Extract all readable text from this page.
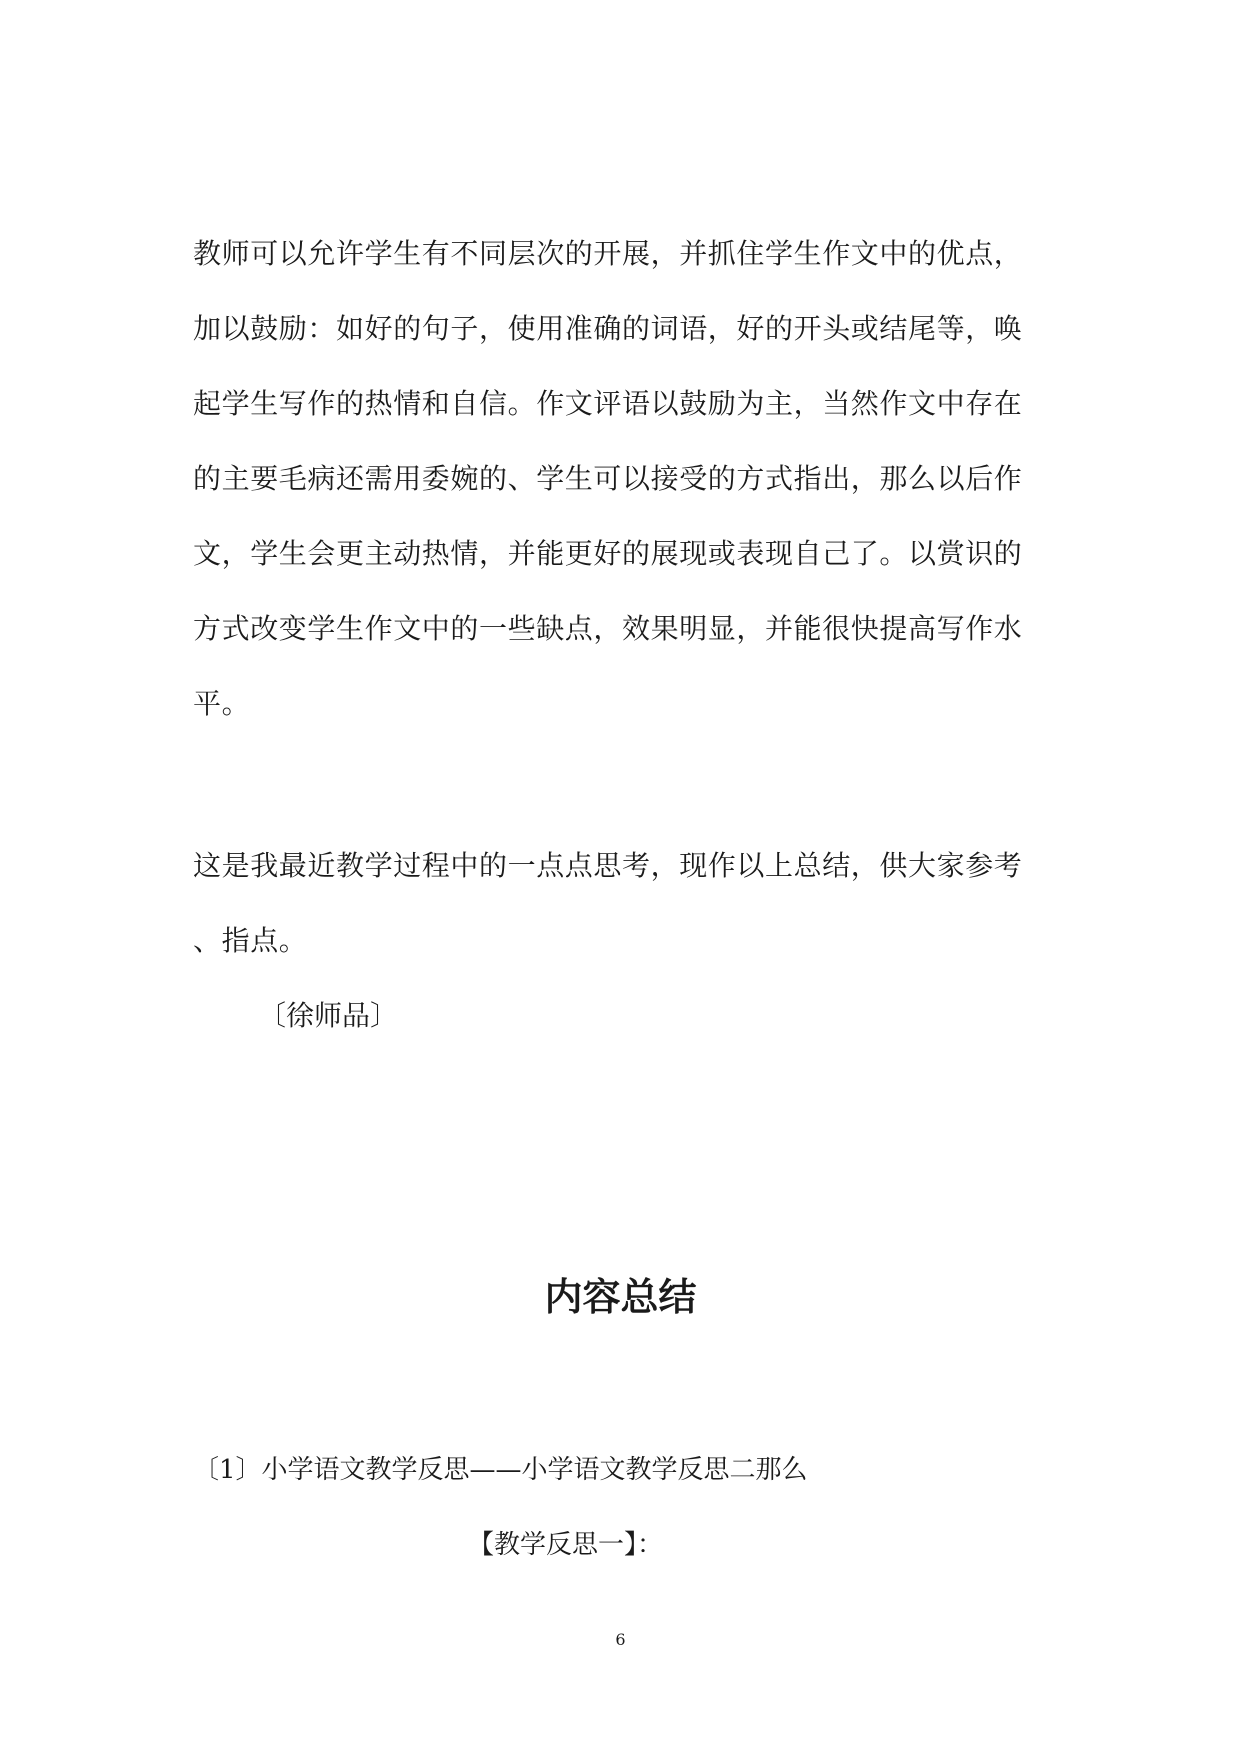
教师可以允许学生有不同层次的开展，并抓住学生作文中的优点，
加以鼓励：如好的句子，使用准确的词语，好的开头或结尾等，唤
起学生写作的热情和自信。作文评语以鼓励为主，当然作文中存在
的主要毛病还需用委婉的、学生可以接受的方式指出，那么以后作
文，学生会更主动热情，并能更好的展现或表现自己了。以赏识的
方式改变学生作文中的一些缺点，效果明显，并能很快提高写作水
平。
这是我最近教学过程中的一点点思考，现作以上总结，供大家参考
、指点。
〔徐师品〕
内容总结
〔1〕小学语文教学反思——小学语文教学反思二那么
【教学反思一】：
6
